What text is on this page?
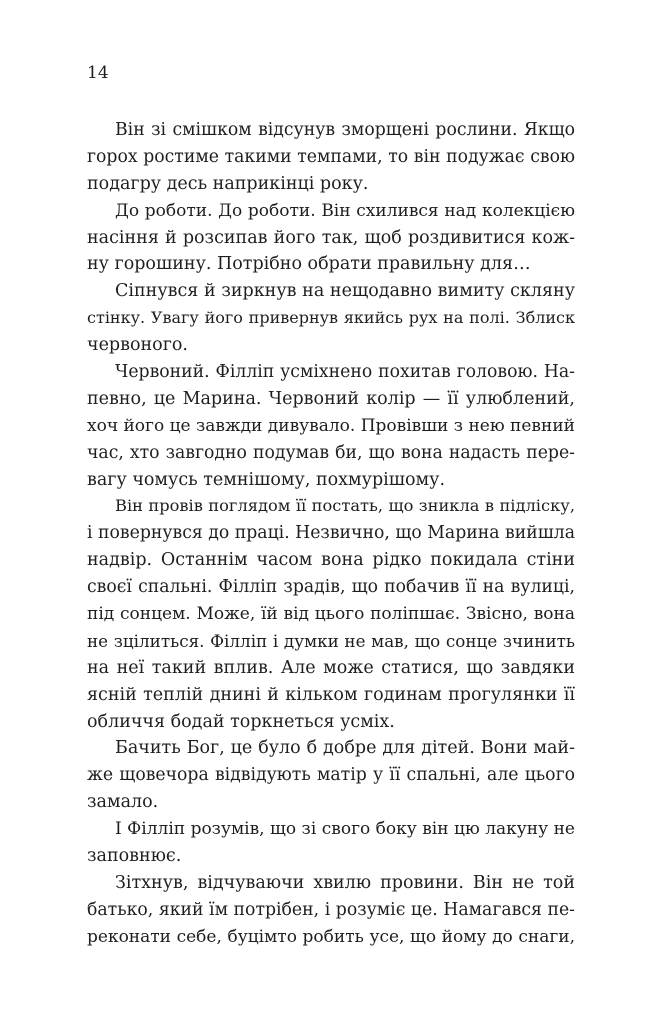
14

Він зі смішком відсунув зморщені рослини. Якщо
горох ростиме такими темпами, то він подужає свою
подагру десь наприкінці року.

До роботи. До роботи. Він схилився над колекцією
насіння й розсипав його так, щоб роздивитися кож-
ну горошину. Потрібно обрати правильну для…

Сіпнувся й зиркнув на нещодавно вимиту скляну
стінку. Увагу його привернув якийсь рух на полі. Зблиск
червоного.

Червоний. Філліп усміхнено похитав головою. На-
певно, це Марина. Червоний колір — її улюблений,
хоч його це завжди дивувало. Провівши з нею певний
час, хто завгодно подумав би, що вона надасть пере-
вагу чомусь темнішому, похмурішому.

Він провів поглядом її постать, що зникла в підліску,
і повернувся до праці. Незвично, що Марина вийшла
надвір. Останнім часом вона рідко покидала стіни
своєї спальні. Філліп зрадів, що побачив її на вулиці,
під сонцем. Може, їй від цього поліпшає. Звісно, вона
не зцілиться. Філліп і думки не мав, що сонце зчинить
на неї такий вплив. Але може статися, що завдяки
ясній теплій днині й кільком годинам прогулянки її
обличчя бодай торкнеться усміх.

Бачить Бог, це було б добре для дітей. Вони май-
же щовечора відвідують матір у її спальні, але цього
замало.

І Філліп розумів, що зі свого боку він цю лакуну не
заповнює.

Зітхнув, відчуваючи хвилю провини. Він не той
батько, який їм потрібен, і розуміє це. Намагався пе-
реконати себе, буцімто робить усе, що йому до снаги,
